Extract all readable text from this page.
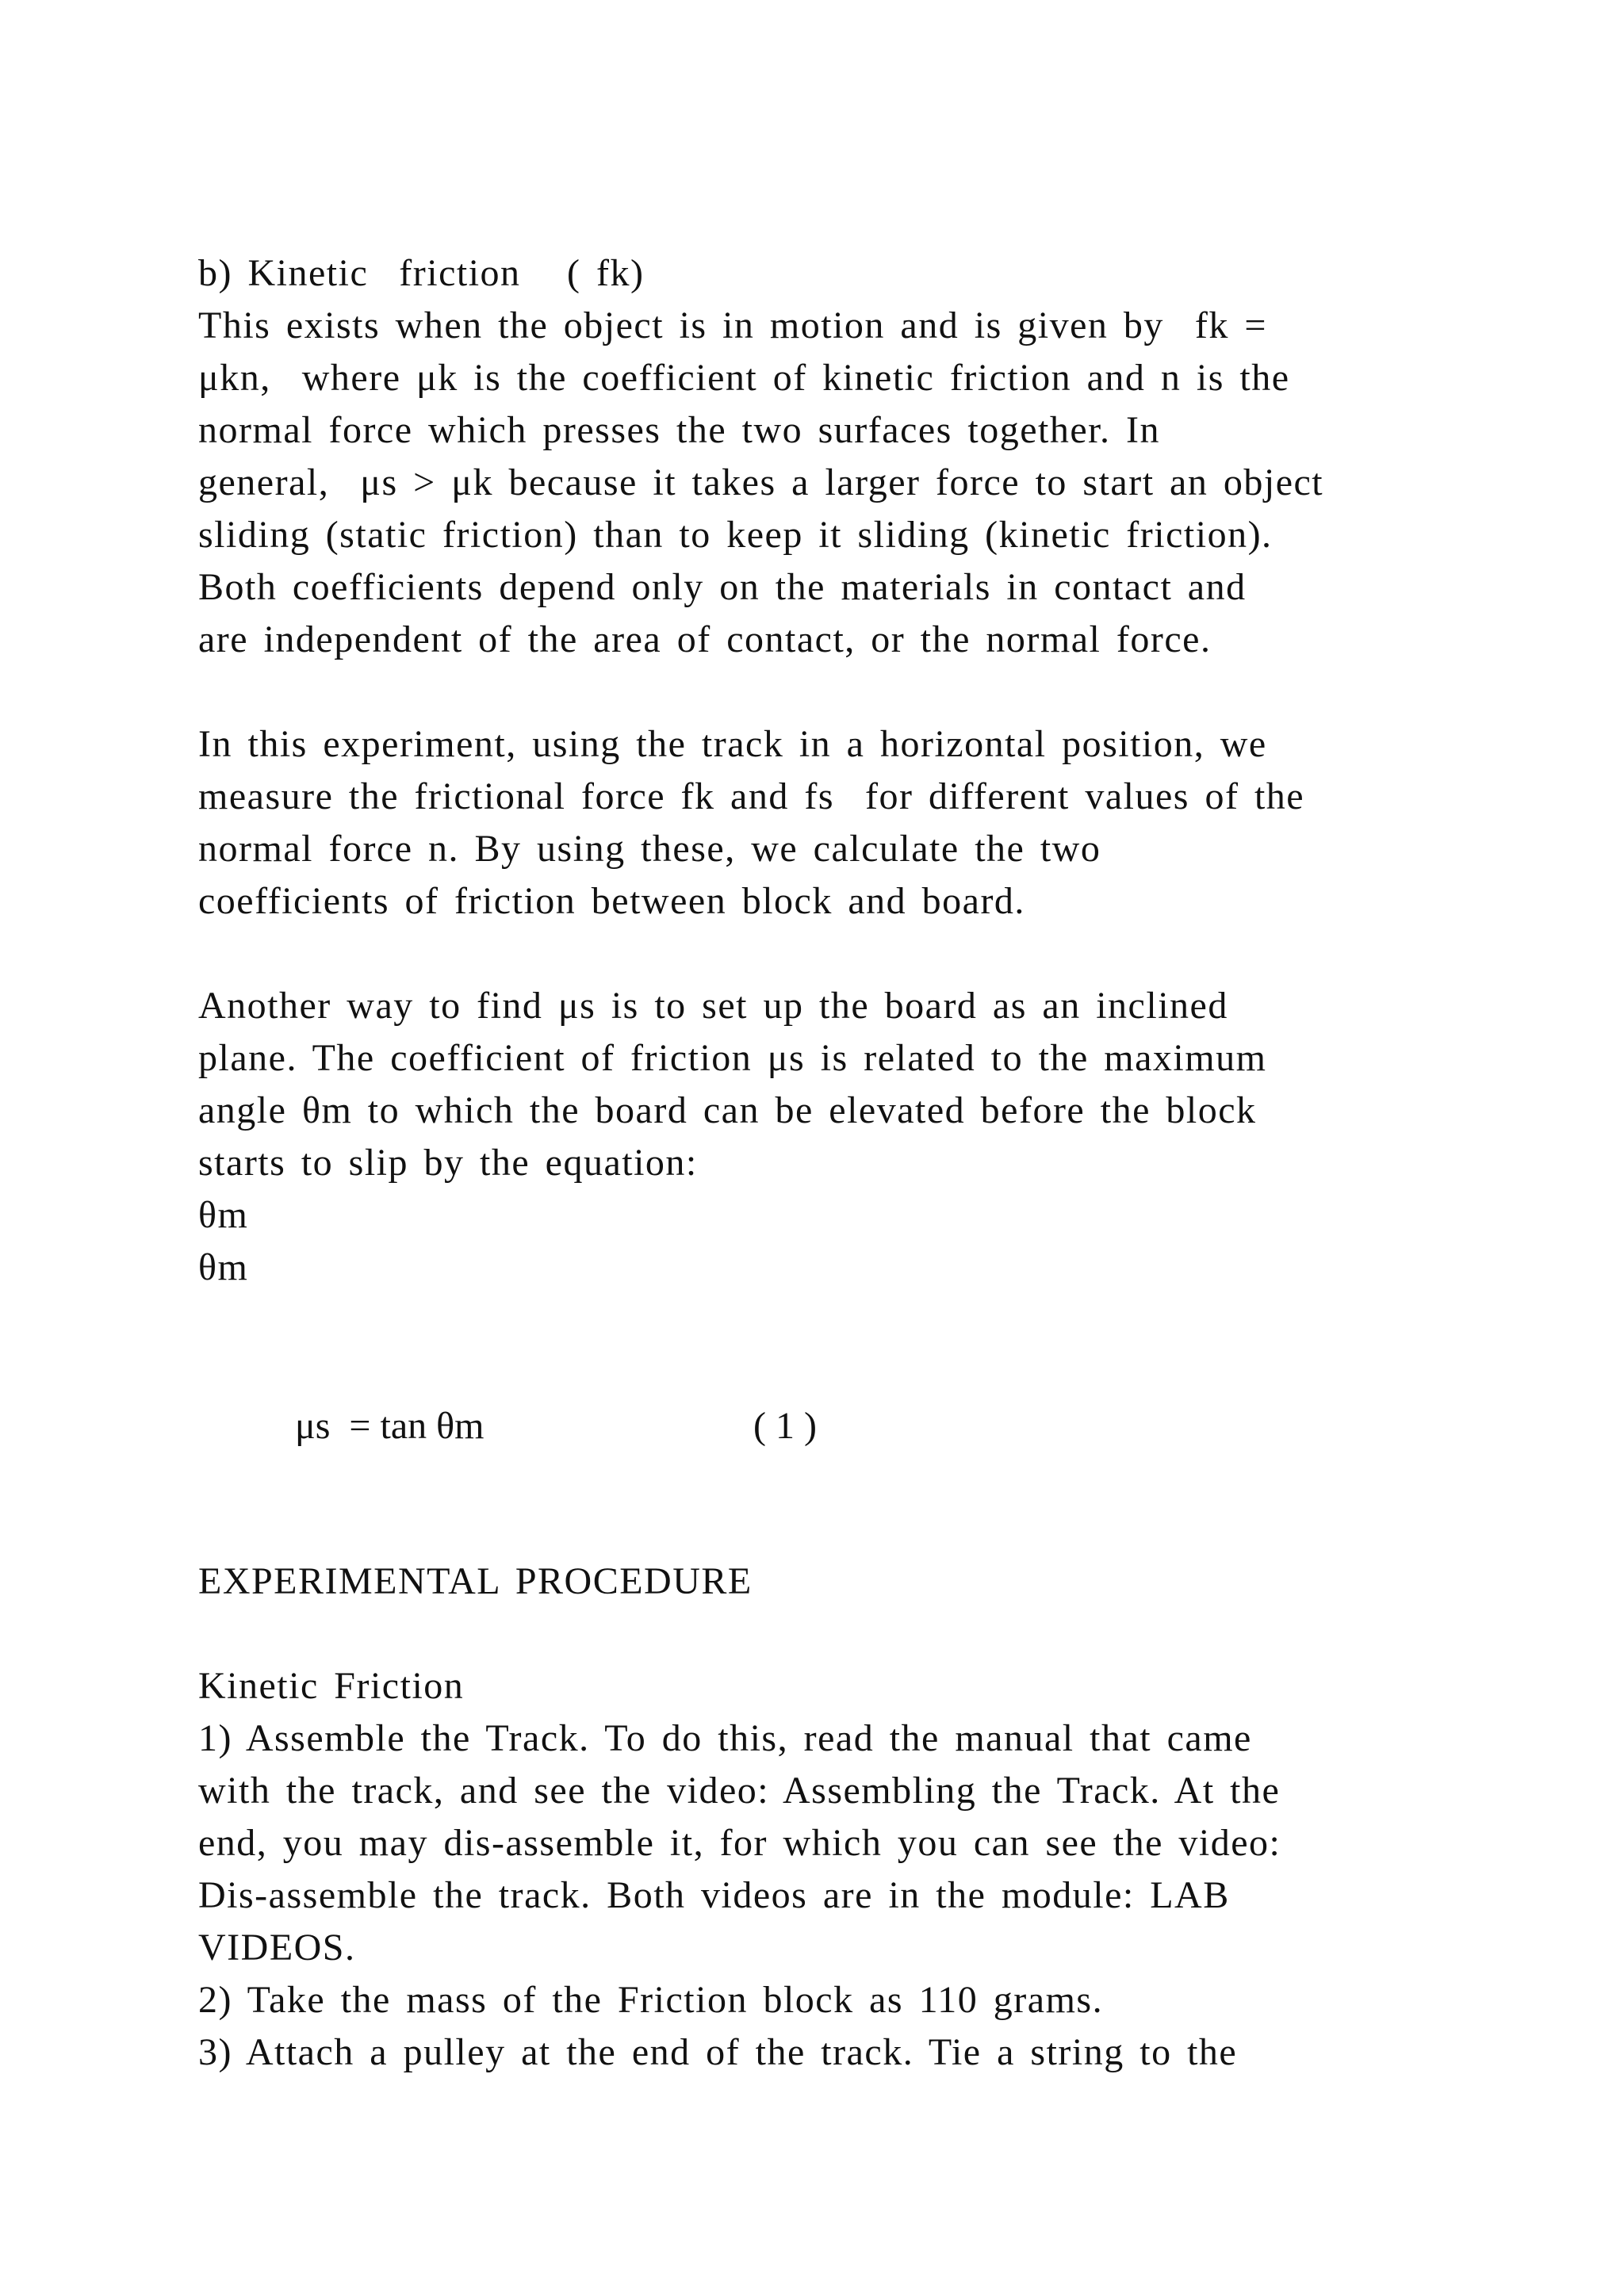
b) Kinetic  friction   ( fk)
This exists when the object is in motion and is given by  fk =
μkn,  where μk is the coefficient of kinetic friction and n is the
normal force which presses the two surfaces together. In
general,  μs > μk because it takes a larger force to start an object
sliding (static friction) than to keep it sliding (kinetic friction).
Both coefficients depend only on the materials in contact and
are independent of the area of contact, or the normal force.
In this experiment, using the track in a horizontal position, we
measure the frictional force fk and fs  for different values of the
normal force n. By using these, we calculate the two
coefficients of friction between block and board.
Another way to find μs is to set up the board as an inclined
plane. The coefficient of friction μs is related to the maximum
angle θm to which the board can be elevated before the block
starts to slip by the equation:
θm
θm
μs  = tan θm	( 1 )
EXPERIMENTAL PROCEDURE
Kinetic Friction
1) Assemble the Track. To do this, read the manual that came
with the track, and see the video: Assembling the Track. At the
end, you may dis-assemble it, for which you can see the video:
Dis-assemble the track. Both videos are in the module: LAB
VIDEOS.
2) Take the mass of the Friction block as 110 grams.
3) Attach a pulley at the end of the track. Tie a string to the
